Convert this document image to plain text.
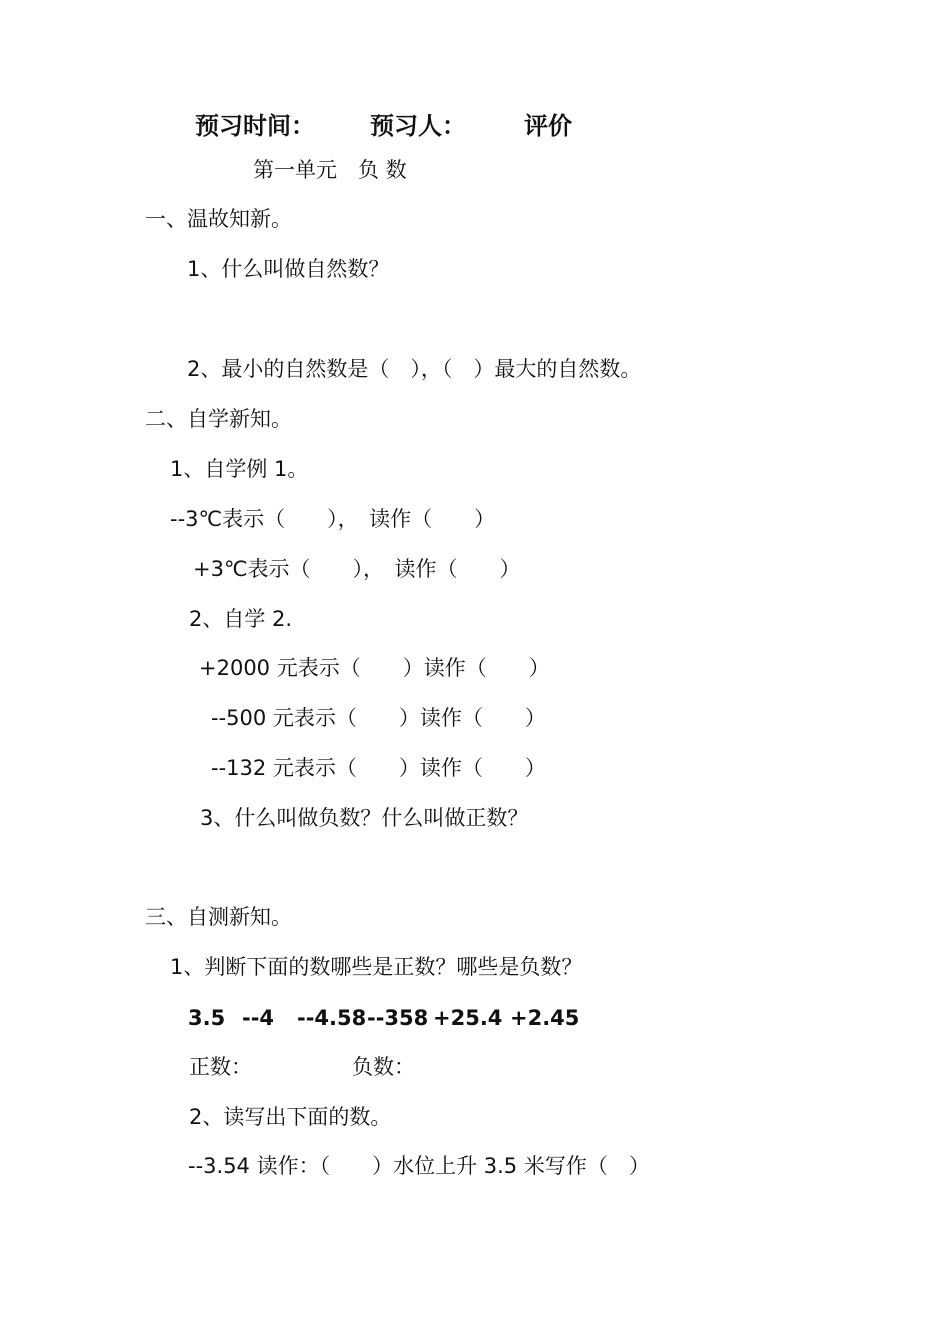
预习时间： 预习人： 评价
第一单元　负 数
一、温故知新。
1、什么叫做自然数？
2、最小的自然数是（　），（　）最大的自然数。
二、自学新知。
1、自学例 1。
--3℃表示（　　），　读作（　　）
+3℃表示（　　），　读作（　　）
2、自学 2.
+2000 元表示（　　）读作（　　）
--500 元表示（　　）读作（　　）
--132 元表示（　　）读作（　　）
3、什么叫做负数？什么叫做正数？
三、自测新知。
1、判断下面的数哪些是正数？哪些是负数？
3.5 --4 --4.58 --358 +25.4 +2.45
正数：	负数：
2、读写出下面的数。
--3.54 读作：（　　）水位上升 3.5 米写作（　）
